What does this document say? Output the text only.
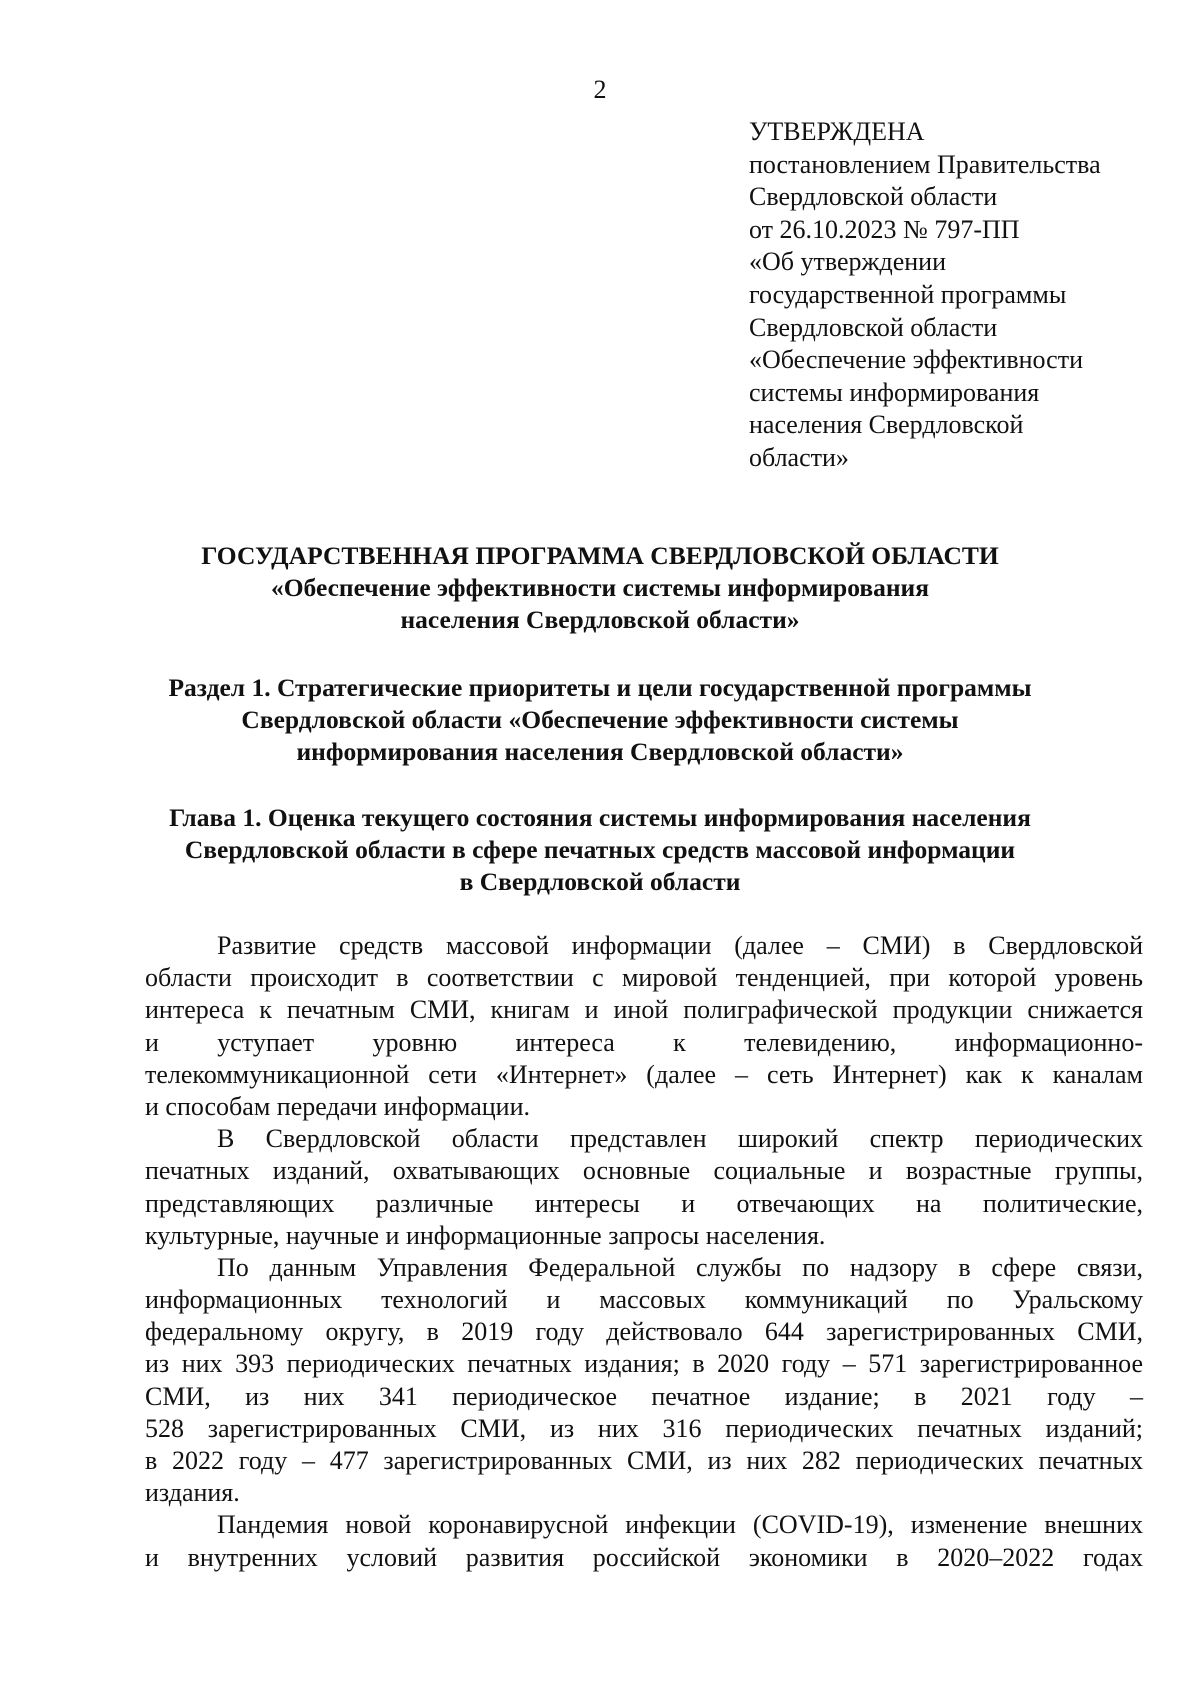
2
УТВЕРЖДЕНА
постановлением Правительства
Свердловской области
от 26.10.2023 № 797-ПП
«Об утверждении
государственной программы
Свердловской области
«Обеспечение эффективности
системы информирования
населения Свердловской
области»
ГОСУДАРСТВЕННАЯ ПРОГРАММА СВЕРДЛОВСКОЙ ОБЛАСТИ
«Обеспечение эффективности системы информирования
населения Свердловской области»
Раздел 1. Стратегические приоритеты и цели государственной программы
Свердловской области «Обеспечение эффективности системы
информирования населения Свердловской области»
Глава 1. Оценка текущего состояния системы информирования населения
Свердловской области в сфере печатных средств массовой информации
в Свердловской области
Развитие средств массовой информации (далее – СМИ) в Свердловской
области происходит в соответствии с мировой тенденцией, при которой уровень
интереса к печатным СМИ, книгам и иной полиграфической продукции снижается
и уступает уровню интереса к телевидению, информационно-
телекоммуникационной сети «Интернет» (далее – сеть Интернет) как к каналам
и способам передачи информации.
В Свердловской области представлен широкий спектр периодических
печатных изданий, охватывающих основные социальные и возрастные группы,
представляющих различные интересы и отвечающих на политические,
культурные, научные и информационные запросы населения.
По данным Управления Федеральной службы по надзору в сфере связи,
информационных технологий и массовых коммуникаций по Уральскому
федеральному округу, в 2019 году действовало 644 зарегистрированных СМИ,
из них 393 периодических печатных издания; в 2020 году – 571 зарегистрированное
СМИ, из них 341 периодическое печатное издание; в 2021 году –
528 зарегистрированных СМИ, из них 316 периодических печатных изданий;
в 2022 году – 477 зарегистрированных СМИ, из них 282 периодических печатных
издания.
Пандемия новой коронавирусной инфекции (COVID-19), изменение внешних
и внутренних условий развития российской экономики в 2020–2022 годах
